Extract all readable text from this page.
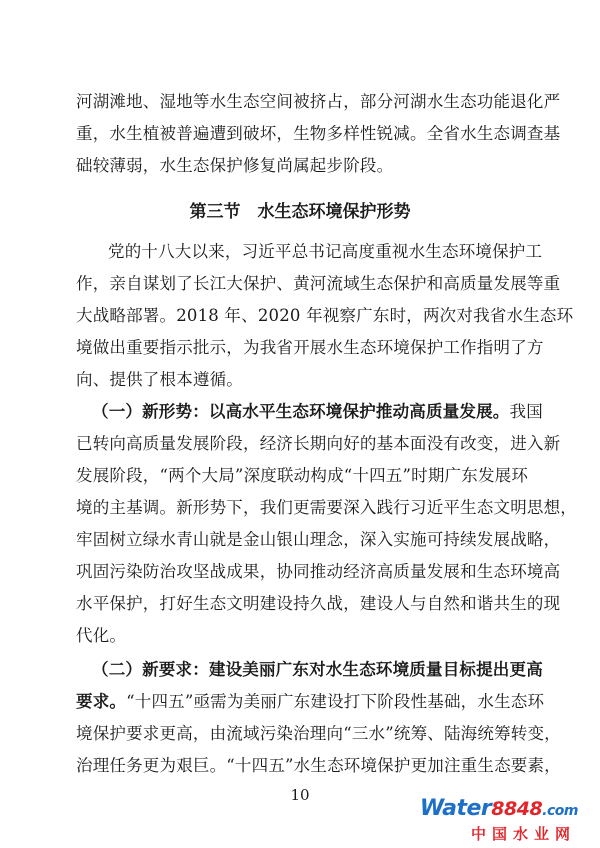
河湖滩地、湿地等水生态空间被挤占，部分河湖水生态功能退化严
重，水生植被普遍遭到破坏，生物多样性锐减。全省水生态调查基
础较薄弱，水生态保护修复尚属起步阶段。
第三节　水生态环境保护形势
党的十八大以来，习近平总书记高度重视水生态环境保护工
作，亲自谋划了长江大保护、黄河流域生态保护和高质量发展等重
大战略部署。2018 年、2020 年视察广东时，两次对我省水生态环
境做出重要指示批示，为我省开展水生态环境保护工作指明了方
向、提供了根本遵循。
（一）新形势：以高水平生态环境保护推动高质量发展。我国
已转向高质量发展阶段，经济长期向好的基本面没有改变，进入新
发展阶段，“两个大局”深度联动构成“十四五”时期广东发展环
境的主基调。新形势下，我们更需要深入践行习近平生态文明思想，
牢固树立绿水青山就是金山银山理念，深入实施可持续发展战略，
巩固污染防治攻坚战成果，协同推动经济高质量发展和生态环境高
水平保护，打好生态文明建设持久战，建设人与自然和谐共生的现
代化。
（二）新要求：建设美丽广东对水生态环境质量目标提出更高
要求。“十四五”亟需为美丽广东建设打下阶段性基础，水生态环
境保护要求更高，由流域污染治理向“三水”统筹、陆海统筹转变，
治理任务更为艰巨。“十四五”水生态环境保护更加注重生态要素，
10
Water8848.com
中国水业网
